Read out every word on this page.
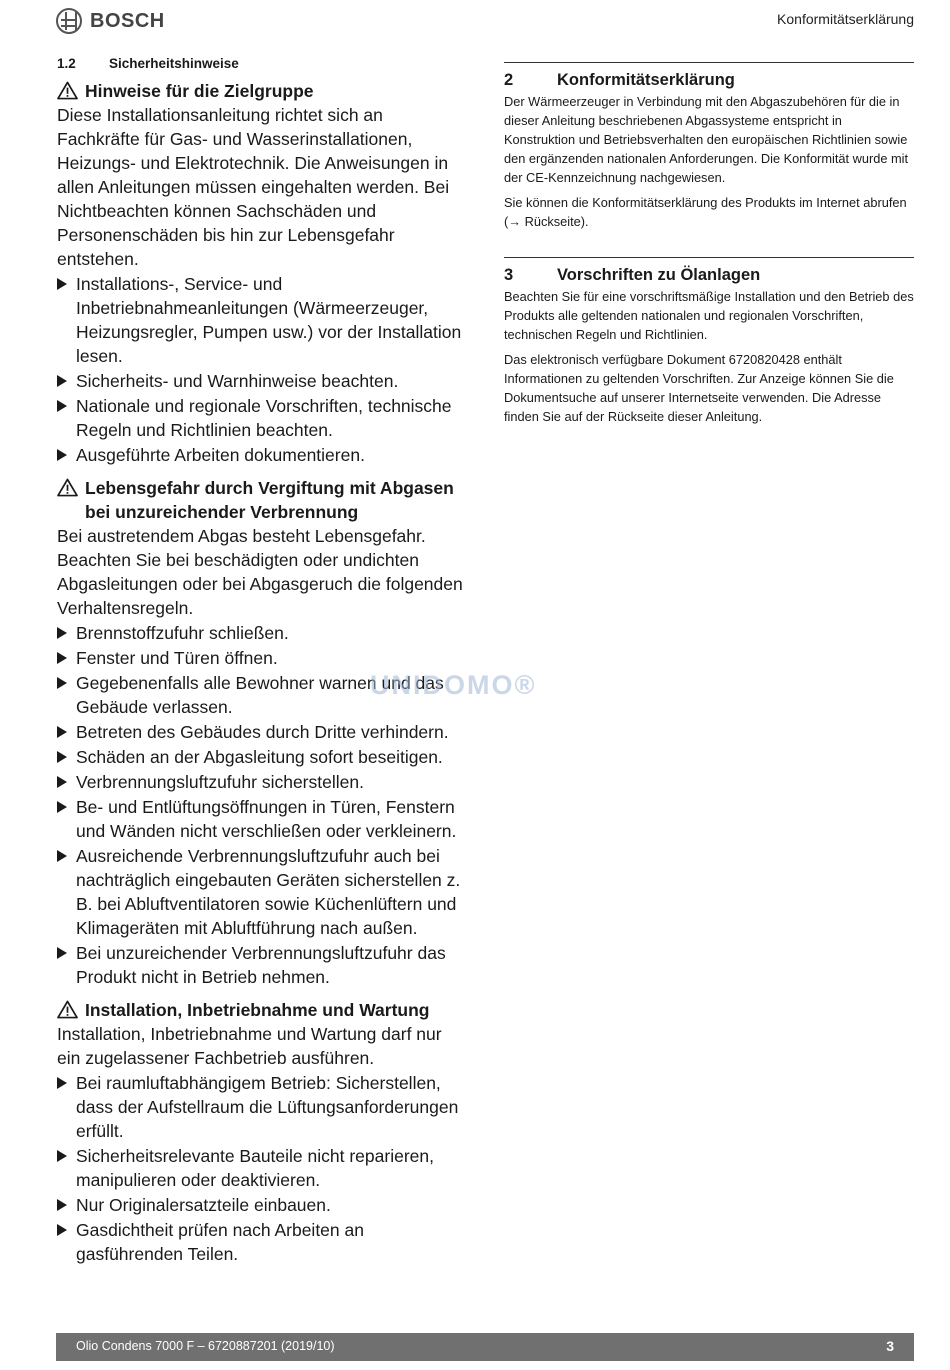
BOSCH	Konformitätserklärung
1.2	Sicherheitshinweise
Hinweise für die Zielgruppe
Diese Installationsanleitung richtet sich an Fachkräfte für Gas- und Wasserinstallationen, Heizungs- und Elektrotechnik. Die Anweisungen in allen Anleitungen müssen eingehalten werden. Bei Nichtbeachten können Sachschäden und Personenschäden bis hin zur Lebensgefahr entstehen.
Installations-, Service- und Inbetriebnahmeanleitungen (Wärmeerzeuger, Heizungsregler, Pumpen usw.) vor der Installation lesen.
Sicherheits- und Warnhinweise beachten.
Nationale und regionale Vorschriften, technische Regeln und Richtlinien beachten.
Ausgeführte Arbeiten dokumentieren.
Lebensgefahr durch Vergiftung mit Abgasen bei unzureichender Verbrennung
Bei austretendem Abgas besteht Lebensgefahr. Beachten Sie bei beschädigten oder undichten Abgasleitungen oder bei Abgasgeruch die folgenden Verhaltensregeln.
Brennstoffzufuhr schließen.
Fenster und Türen öffnen.
Gegebenenfalls alle Bewohner warnen und das Gebäude verlassen.
Betreten des Gebäudes durch Dritte verhindern.
Schäden an der Abgasleitung sofort beseitigen.
Verbrennungsluftzufuhr sicherstellen.
Be- und Entlüftungsöffnungen in Türen, Fenstern und Wänden nicht verschließen oder verkleinern.
Ausreichende Verbrennungsluftzufuhr auch bei nachträglich eingebauten Geräten sicherstellen z. B. bei Abluftventilatoren sowie Küchenlüftern und Klimageräten mit Abluftführung nach außen.
Bei unzureichender Verbrennungsluftzufuhr das Produkt nicht in Betrieb nehmen.
Installation, Inbetriebnahme und Wartung
Installation, Inbetriebnahme und Wartung darf nur ein zugelassener Fachbetrieb ausführen.
Bei raumluftabhängigem Betrieb: Sicherstellen, dass der Aufstellraum die Lüftungsanforderungen erfüllt.
Sicherheitsrelevante Bauteile nicht reparieren, manipulieren oder deaktivieren.
Nur Originalersatzteile einbauen.
Gasdichtheit prüfen nach Arbeiten an gasführenden Teilen.
2	Konformitätserklärung

Der Wärmeerzeuger in Verbindung mit den Abgaszubehören für die in dieser Anleitung beschriebenen Abgassysteme entspricht in Konstruktion und Betriebsverhalten den europäischen Richtlinien sowie den ergänzenden nationalen Anforderungen. Die Konformität wurde mit der CE-Kennzeichnung nachgewiesen.

Sie können die Konformitätserklärung des Produkts im Internet abrufen (→ Rückseite).

3	Vorschriften zu Ölanlagen

Beachten Sie für eine vorschriftsmäßige Installation und den Betrieb des Produkts alle geltenden nationalen und regionalen Vorschriften, technischen Regeln und Richtlinien.

Das elektronisch verfügbare Dokument 6720820428 enthält Informationen zu geltenden Vorschriften. Zur Anzeige können Sie die Dokumentsuche auf unserer Internetseite verwenden. Die Adresse finden Sie auf der Rückseite dieser Anleitung.

UNIDOMO®
Olio Condens 7000 F – 6720887201 (2019/10)	3
